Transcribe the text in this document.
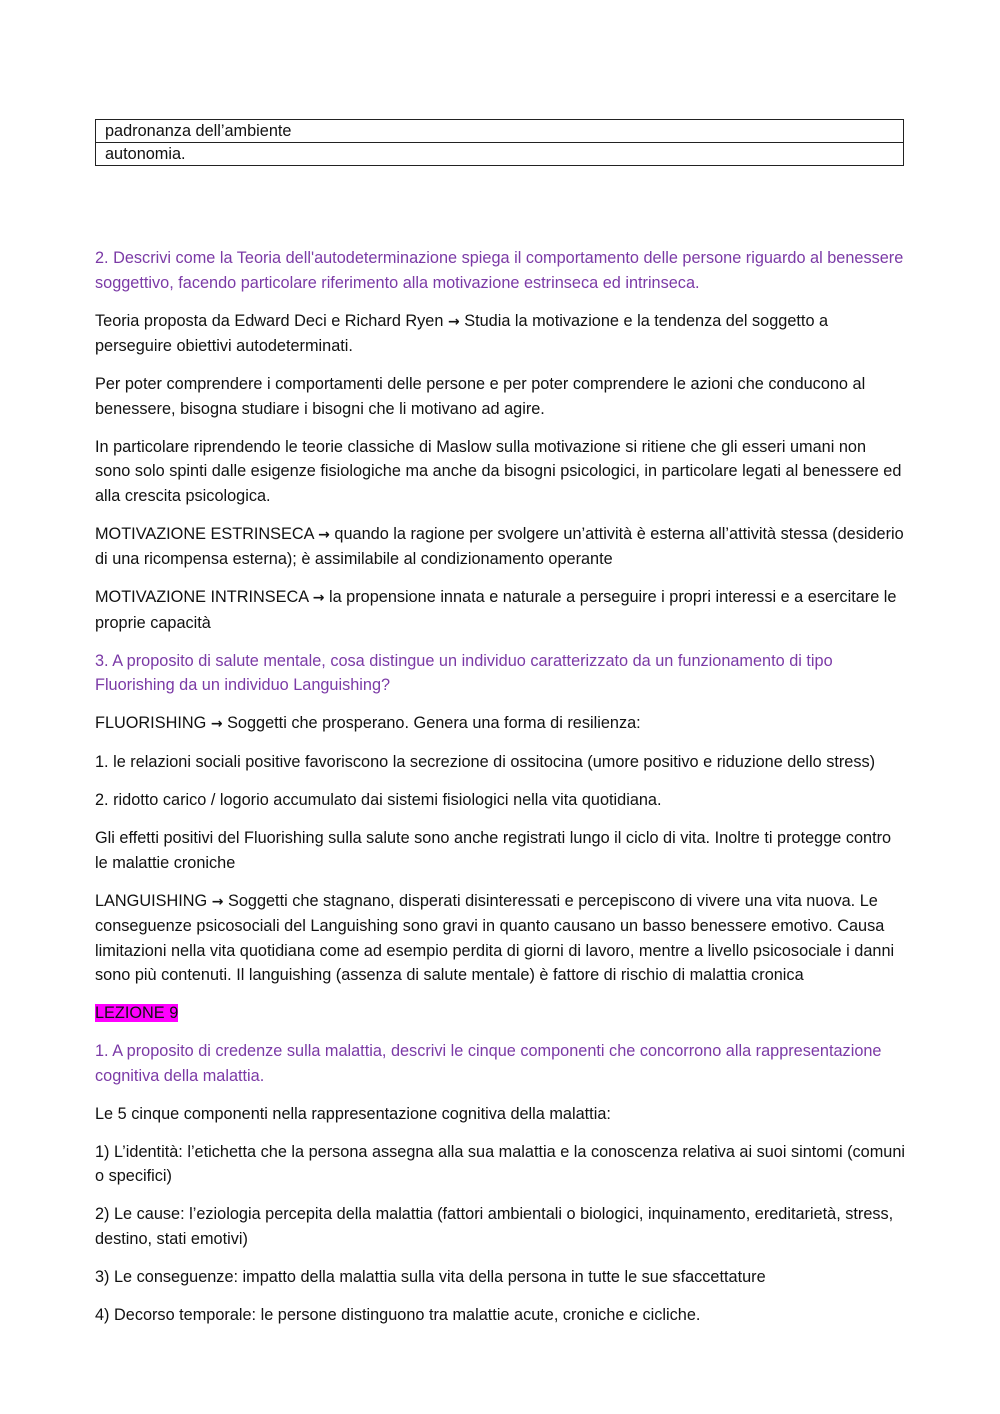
padronanza dell’ambiente
autonomia.

2. Descrivi come la Teoria dell'autodeterminazione spiega il comportamento delle persone riguardo al benessere soggettivo, facendo particolare riferimento alla motivazione estrinseca ed intrinseca.

Teoria proposta da Edward Deci e Richard Ryen → Studia la motivazione e la tendenza del soggetto a perseguire obiettivi autodeterminati.

Per poter comprendere i comportamenti delle persone e per poter comprendere le azioni che conducono al benessere, bisogna studiare i bisogni che li motivano ad agire.

In particolare riprendendo le teorie classiche di Maslow sulla motivazione si ritiene che gli esseri umani non sono solo spinti dalle esigenze fisiologiche ma anche da bisogni psicologici, in particolare legati al benessere ed alla crescita psicologica.

MOTIVAZIONE ESTRINSECA → quando la ragione per svolgere un’attività è esterna all’attività stessa (desiderio di una ricompensa esterna); è assimilabile al condizionamento operante

MOTIVAZIONE INTRINSECA → la propensione innata e naturale a perseguire i propri interessi e a esercitare le proprie capacità

3. A proposito di salute mentale, cosa distingue un individuo caratterizzato da un funzionamento di tipo Fluorishing da un individuo Languishing?

FLUORISHING → Soggetti che prosperano. Genera una forma di resilienza:

1. le relazioni sociali positive favoriscono la secrezione di ossitocina (umore positivo e riduzione dello stress)

2. ridotto carico / logorio accumulato dai sistemi fisiologici nella vita quotidiana.

Gli effetti positivi del Fluorishing sulla salute sono anche registrati lungo il ciclo di vita. Inoltre ti protegge contro le malattie croniche

LANGUISHING → Soggetti che stagnano, disperati disinteressati e percepiscono di vivere una vita nuova. Le conseguenze psicosociali del Languishing sono gravi in quanto causano un basso benessere emotivo. Causa limitazioni nella vita quotidiana come ad esempio perdita di giorni di lavoro, mentre a livello psicosociale i danni sono più contenuti. Il languishing (assenza di salute mentale) è fattore di rischio di malattia cronica

LEZIONE 9

1. A proposito di credenze sulla malattia, descrivi le cinque componenti che concorrono alla rappresentazione cognitiva della malattia.

Le 5 cinque componenti nella rappresentazione cognitiva della malattia:

1) L’identità: l’etichetta che la persona assegna alla sua malattia e la conoscenza relativa ai suoi sintomi (comuni o specifici)

2) Le cause: l’eziologia percepita della malattia (fattori ambientali o biologici, inquinamento, ereditarietà, stress, destino, stati emotivi)

3) Le conseguenze: impatto della malattia sulla vita della persona in tutte le sue sfaccettature

4) Decorso temporale: le persone distinguono tra malattie acute, croniche e cicliche.
